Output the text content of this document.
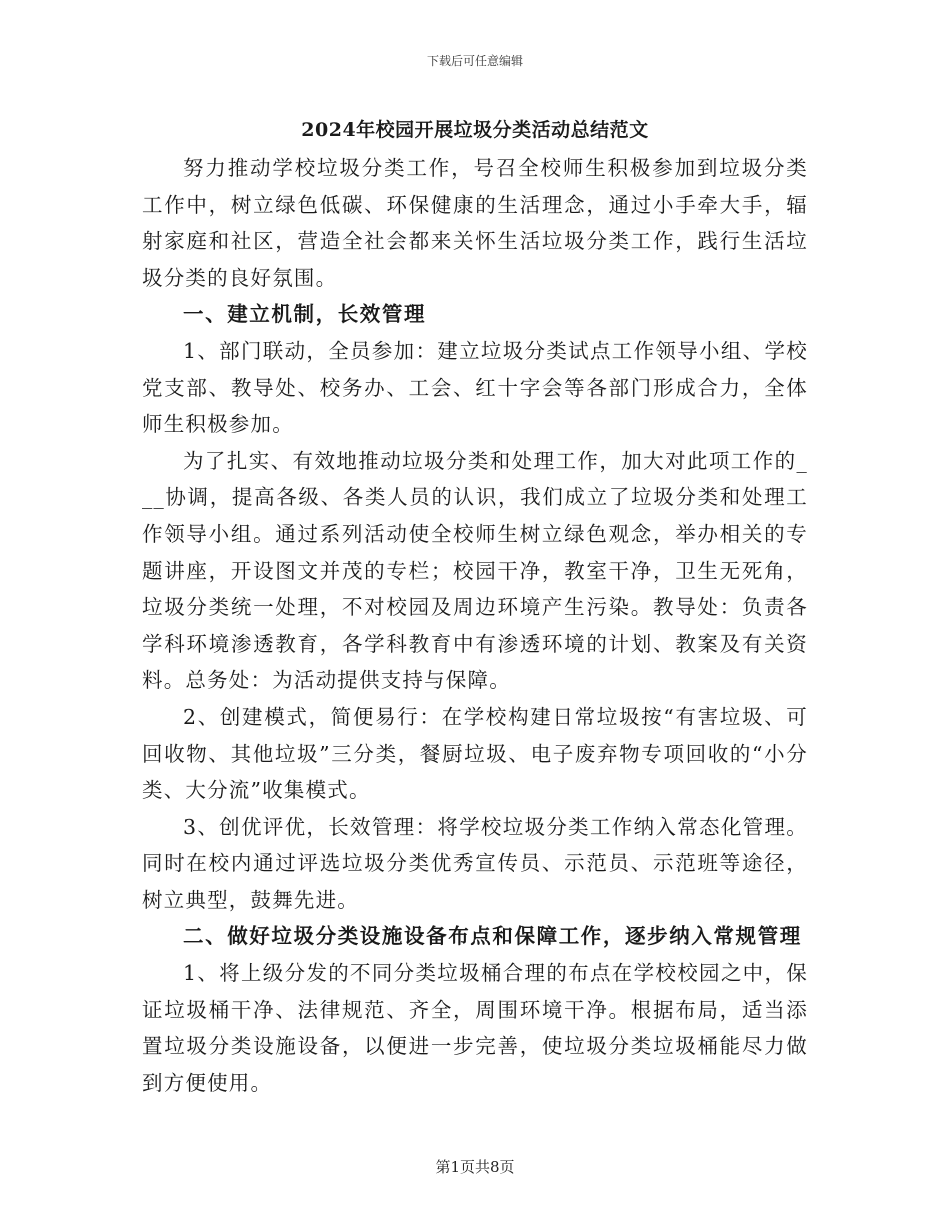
下载后可任意编辑
2024年校园开展垃圾分类活动总结范文

努力推动学校垃圾分类工作，号召全校师生积极参加到垃圾分类工作中，树立绿色低碳、环保健康的生活理念，通过小手牵大手，辐射家庭和社区，营造全社会都来关怀生活垃圾分类工作，践行生活垃圾分类的良好氛围。

一、建立机制，长效管理

1、部门联动，全员参加：建立垃圾分类试点工作领导小组、学校党支部、教导处、校务办、工会、红十字会等各部门形成合力，全体师生积极参加。

为了扎实、有效地推动垃圾分类和处理工作，加大对此项工作的___协调，提高各级、各类人员的认识，我们成立了垃圾分类和处理工作领导小组。通过系列活动使全校师生树立绿色观念，举办相关的专题讲座，开设图文并茂的专栏；校园干净，教室干净，卫生无死角，垃圾分类统一处理，不对校园及周边环境产生污染。教导处：负责各学科环境渗透教育，各学科教育中有渗透环境的计划、教案及有关资料。总务处：为活动提供支持与保障。

2、创建模式，简便易行：在学校构建日常垃圾按“有害垃圾、可回收物、其他垃圾”三分类，餐厨垃圾、电子废弃物专项回收的“小分类、大分流”收集模式。

3、创优评优，长效管理：将学校垃圾分类工作纳入常态化管理。同时在校内通过评选垃圾分类优秀宣传员、示范员、示范班等途径，树立典型，鼓舞先进。

二、做好垃圾分类设施设备布点和保障工作，逐步纳入常规管理

1、将上级分发的不同分类垃圾桶合理的布点在学校校园之中，保证垃圾桶干净、法律规范、齐全，周围环境干净。根据布局，适当添置垃圾分类设施设备，以便进一步完善，使垃圾分类垃圾桶能尽力做到方便使用。

第1页共8页
